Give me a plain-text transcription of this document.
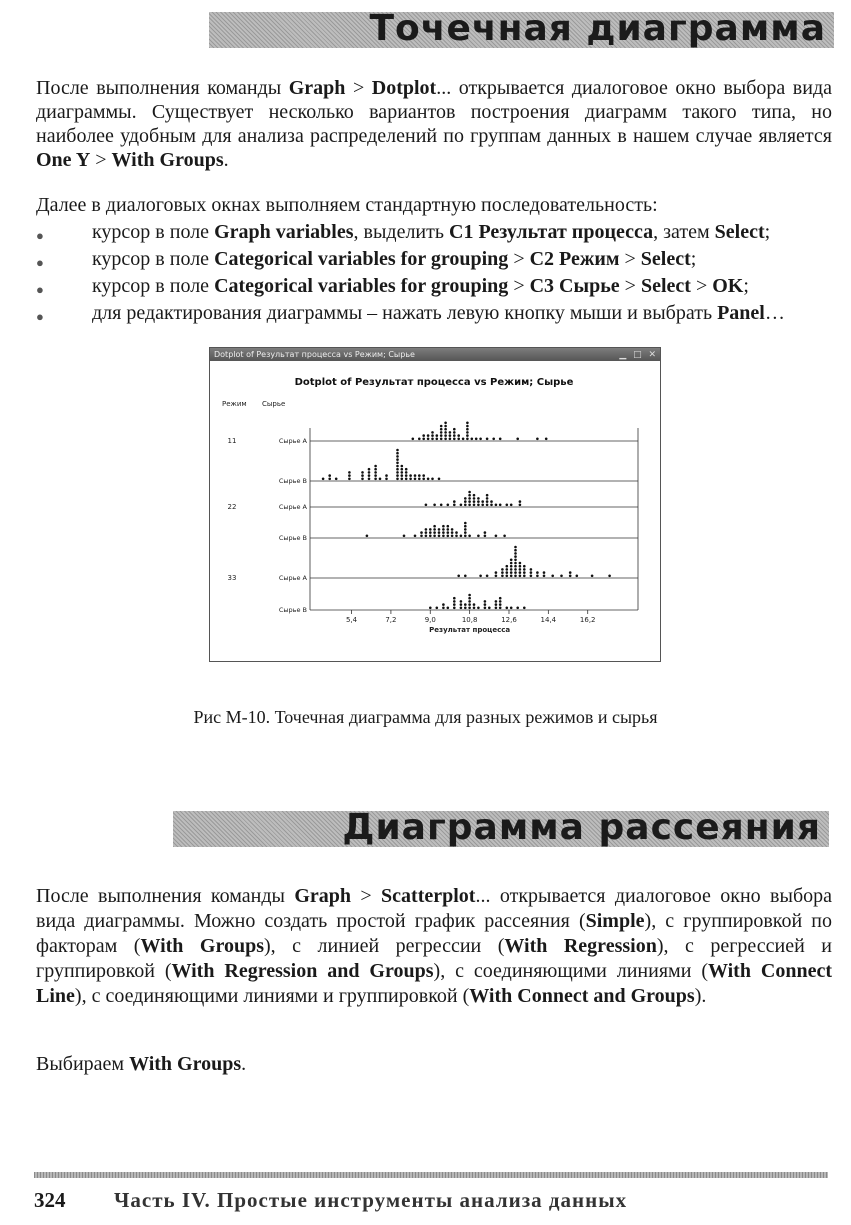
Точечная диаграмма

После выполнения команды Graph > Dotplot... открывается диалоговое окно выбора вида диаграммы. Существует несколько вариантов построения диаграмм такого типа, но наиболее удобным для анализа распределений по группам данных в нашем случае является One Y > With Groups.

Далее в диалоговых окнах выполняем стандартную последовательность:

● курсор в поле Graph variables, выделить C1 Результат процесса, затем Select;
● курсор в поле Categorical variables for grouping > C2 Режим > Select;
● курсор в поле Categorical variables for grouping > C3 Сырье > Select > OK;
● для редактирования диаграммы – нажать левую кнопку мыши и выбрать Panel…
Dotplot of Результат процесса vs Режим; Сырье	▁ □ ✕
Dotplot of Результат процесса vs Режим; Сырье
Режим Сырье
Сырье A
11
Сырье B
Сырье A
22
Сырье B
Сырье A
33
Сырье B
5,4	7,2	9,0	10,8	12,6	14,4	16,2
Результат процесса
Рис М-10. Точечная диаграмма для разных режимов и сырья
Диаграмма рассеяния

После выполнения команды Graph > Scatterplot... открывается диалоговое окно выбора вида диаграммы. Можно создать простой график рассеяния (Simple), с группировкой по факторам (With Groups), с линией регрессии (With Regression), с регрессией и группировкой (With Regression and Groups), с соединяющими линиями (With Connect Line), с соединяющими линиями и группировкой (With Connect and Groups).

Выбираем With Groups.

324 Часть IV. Простые инструменты анализа данных
